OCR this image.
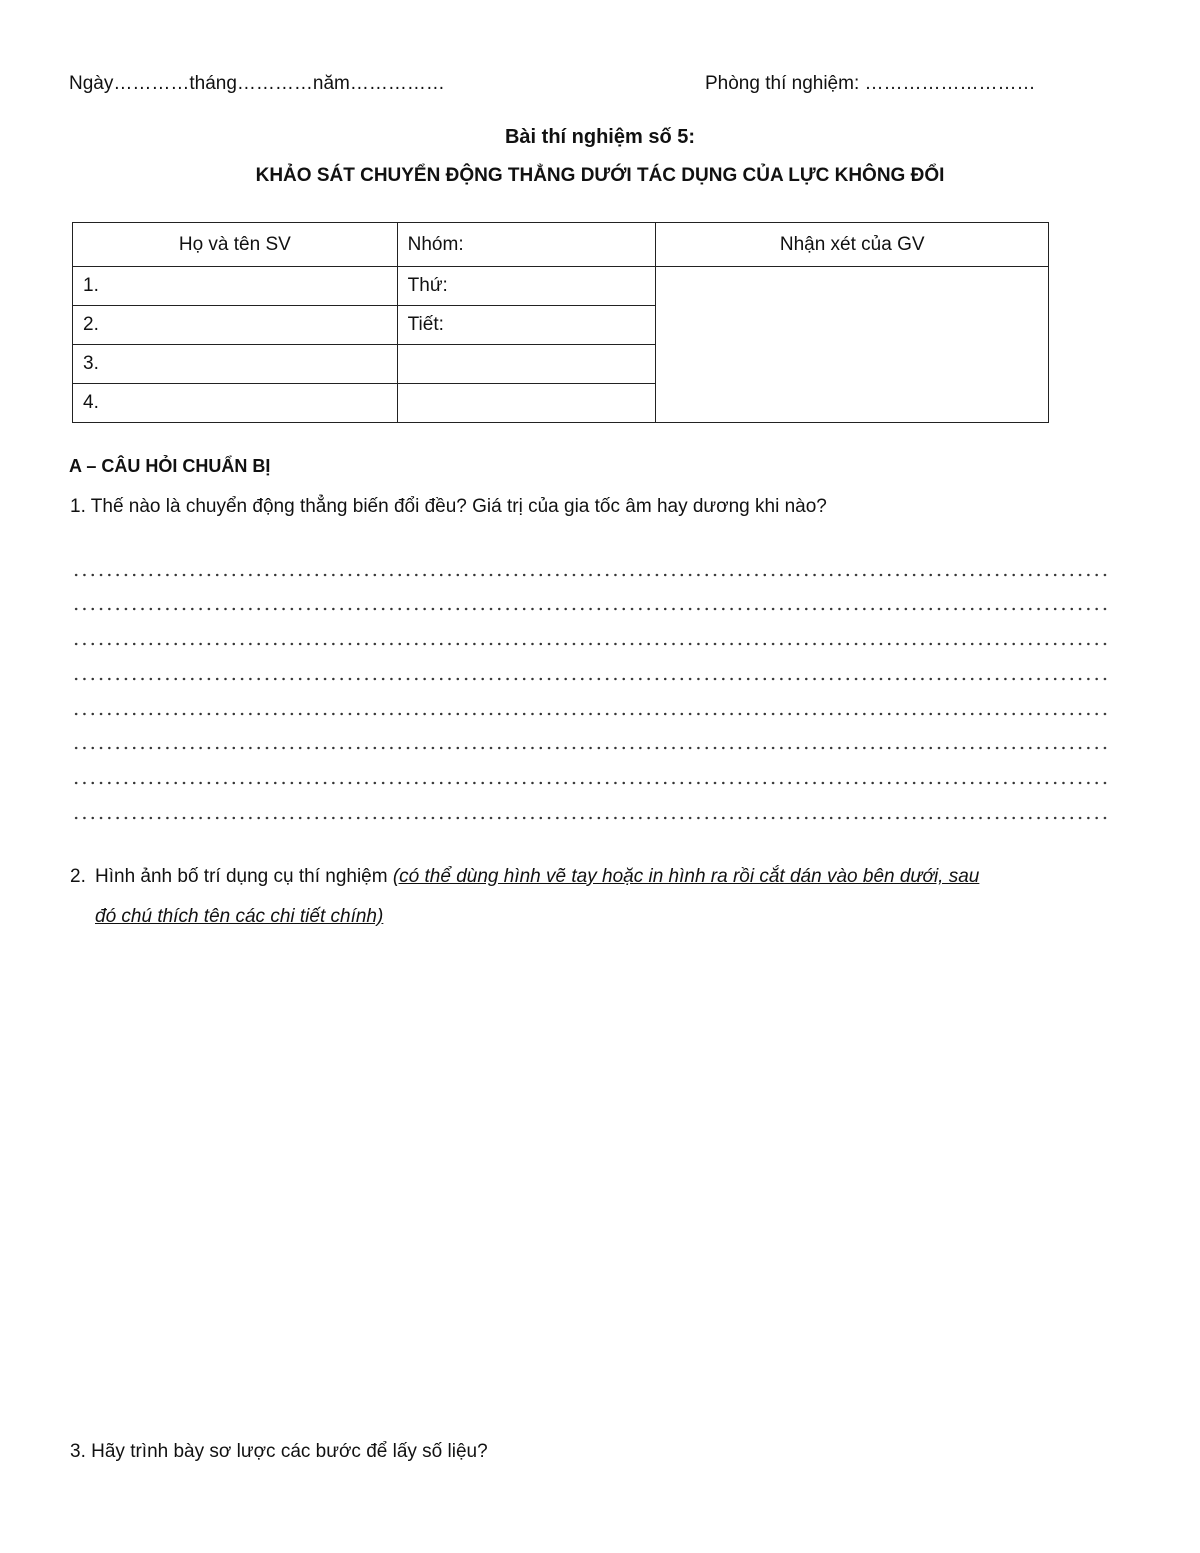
Ngày…………tháng…………năm……………	Phòng thí nghiệm: ………………………
Bài thí nghiệm số 5:
KHẢO SÁT CHUYỂN ĐỘNG THẲNG DƯỚI TÁC DỤNG CỦA LỰC KHÔNG ĐỔI
Họ và tên SV	Nhóm:	Nhận xét của GV
1.	Thứ:	
2.	Tiết:	
3.		
4.		
A – CÂU HỎI CHUẨN BỊ
1. Thế nào là chuyển động thẳng biến đổi đều? Giá trị của gia tốc âm hay dương khi nào?
2. Hình ảnh bố trí dụng cụ thí nghiệm (có thể dùng hình vẽ tay hoặc in hình ra rồi cắt dán vào bên dưới, sau
đó chú thích tên các chi tiết chính)
3. Hãy trình bày sơ lược các bước để lấy số liệu?
